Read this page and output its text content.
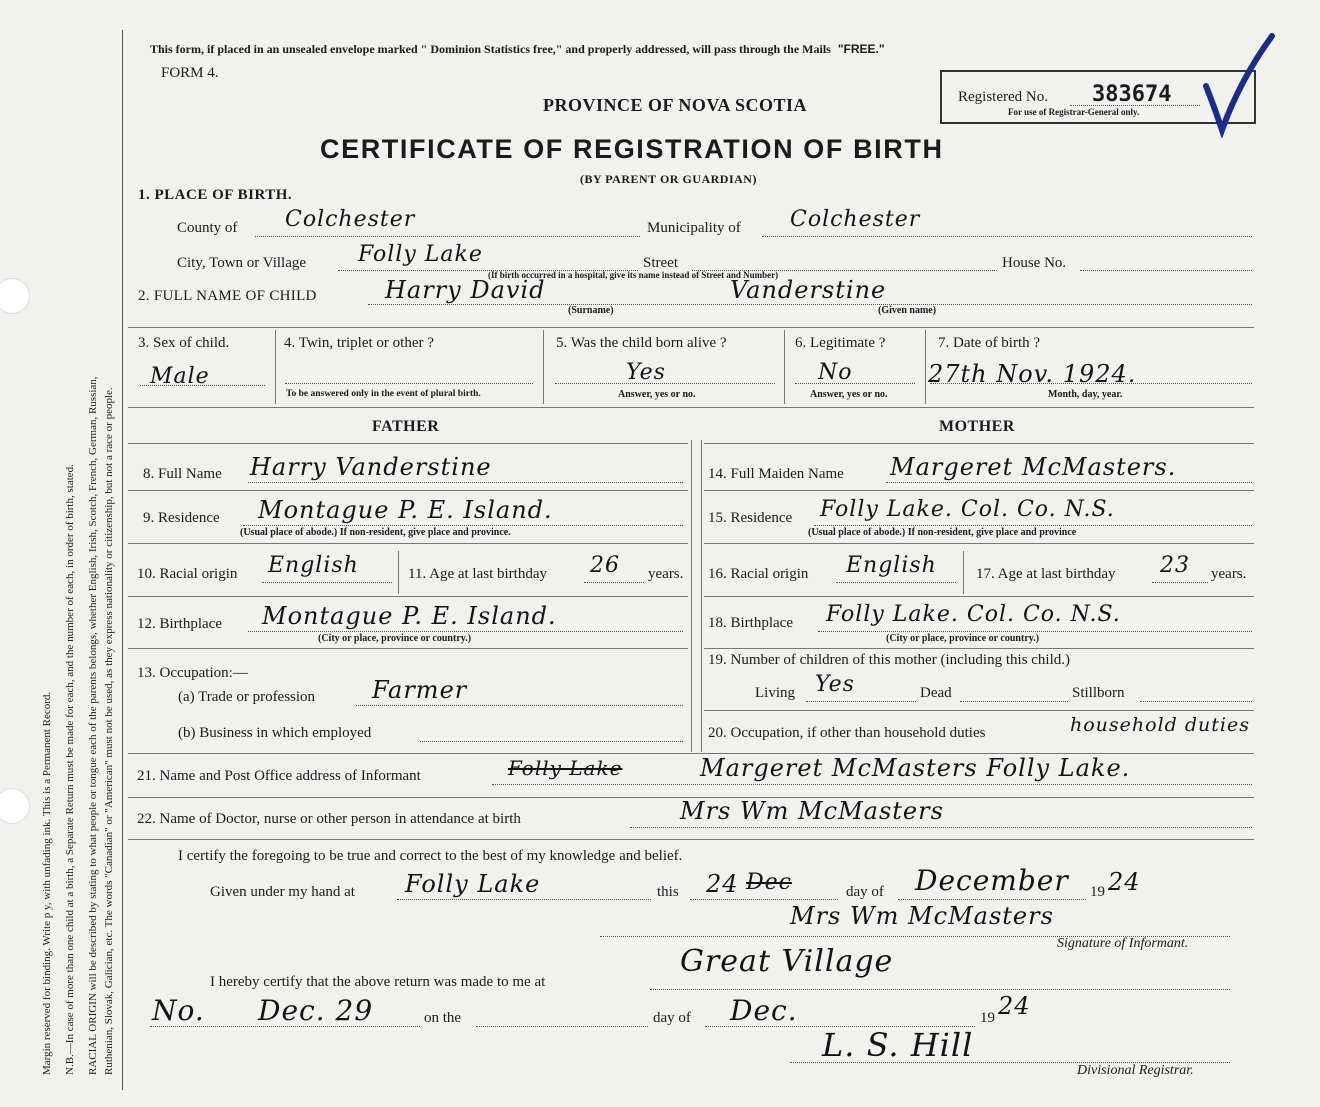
Margin reserved for binding. Write p y, with unfading ink. This is a Permanent Record. N.B.—In case of more than one child at a birth, a Separate Return must be made for each, and the number of each, in order of birth, stated. RACIAL ORIGIN will be described by stating to what people or tongue each of the parents belongs, whether English, Irish, Scotch, French, German, Russian, Ruthenian, Slovak, Galician, etc. The words "Canadian" or "American" must not be used, as they express nationality or citizenship, but not a race or people.
This form, if placed in an unsealed envelope marked " Dominion Statistics free," and properly addressed, will pass through the Mails "FREE."
FORM 4.
PROVINCE OF NOVA SCOTIA
CERTIFICATE OF REGISTRATION OF BIRTH
(BY PARENT OR GUARDIAN)
Registered No. 383674
For use of Registrar-General only.
1. PLACE OF BIRTH.
County of Colchester	Municipality of Colchester
City, Town or Village Folly Lake	Street	House No.
(If birth occurred in a hospital, give its name instead of Street and Number)
2. FULL NAME OF CHILD	Harry David	Vanderstine
(Surname)	(Given name)
3. Sex of child.
Male
4. Twin, triplet or other ?
To be answered only in the event of plural birth.
5. Was the child born alive ?
Yes
Answer, yes or no.
6. Legitimate ?
No
Answer, yes or no.
7. Date of birth ?
27th Nov. 1924.
Month, day, year.
FATHER	MOTHER
8. Full Name Harry Vanderstine
9. Residence Montague P. E. Island.
(Usual place of abode.) If non-resident, give place and province.
10. Racial origin English	11. Age at last birthday 26 years.
12. Birthplace Montague P. E. Island.
(City or place, province or country.)
13. Occupation:—
(a) Trade or profession Farmer
(b) Business in which employed
14. Full Maiden Name Margeret McMasters.
15. Residence Folly Lake. Col. Co. N.S.
(Usual place of abode.) If non-resident, give place and province
16. Racial origin English	17. Age at last birthday 23 years.
18. Birthplace Folly Lake. Col. Co. N.S.
(City or place, province or country.)
19. Number of children of this mother (including this child.)
Living Yes	Dead	Stillborn
20. Occupation, if other than household duties	household duties
21. Name and Post Office address of Informant	Folly Lake	Margeret McMasters Folly Lake.
22. Name of Doctor, nurse or other person in attendance at birth	Mrs Wm McMasters
I certify the foregoing to be true and correct to the best of my knowledge and belief.
Given under my hand at Folly Lake	this 24 Dec	day of December 19 24
Mrs Wm McMasters
Signature of Informant.
I hereby certify that the above return was made to me at
Great Village
No. Dec. 29	on the	day of Dec.	19 24
L. S. Hill
Divisional Registrar.
